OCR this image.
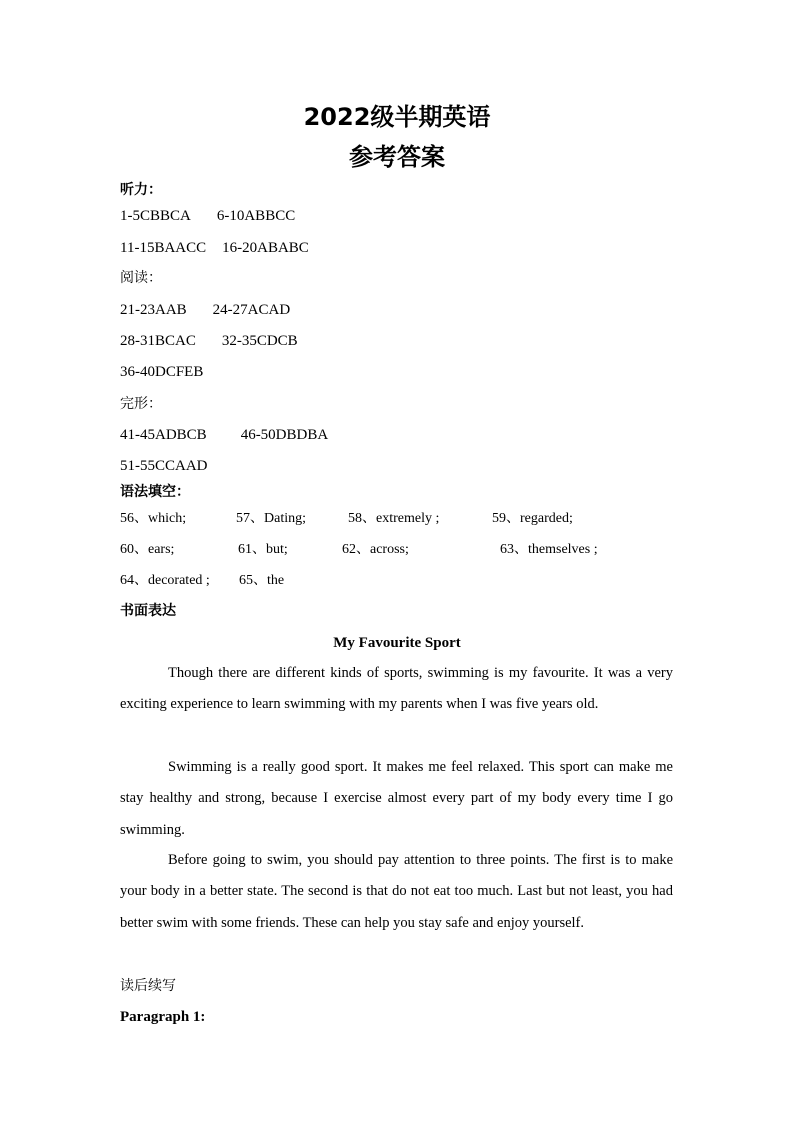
2022级半期英语
参考答案
听力：
1-5CBBCA 6-10ABBCC
11-15BAACC 16-20ABABC
阅读：
21-23AAB 24-27ACAD
28-31BCAC 32-35CDCB
36-40DCFEB
完形：
41-45ADBCB 46-50DBDBA
51-55CCAAD
语法填空：
56、which;	57、Dating;	58、extremely ;	59、regarded;
60、ears;	61、but;	62、across;	63、themselves ;
64、decorated ; 65、the
书面表达
My Favourite Sport

Though there are different kinds of sports, swimming is my favourite. It was a very exciting experience to learn swimming with my parents when I was five years old.

Swimming is a really good sport. It makes me feel relaxed. This sport can make me stay healthy and strong, because I exercise almost every part of my body every time I go swimming.

Before going to swim, you should pay attention to three points. The first is to make your body in a better state. The second is that do not eat too much. Last but not least, you had better swim with some friends. These can help you stay safe and enjoy yourself.

读后续写
Paragraph 1:
